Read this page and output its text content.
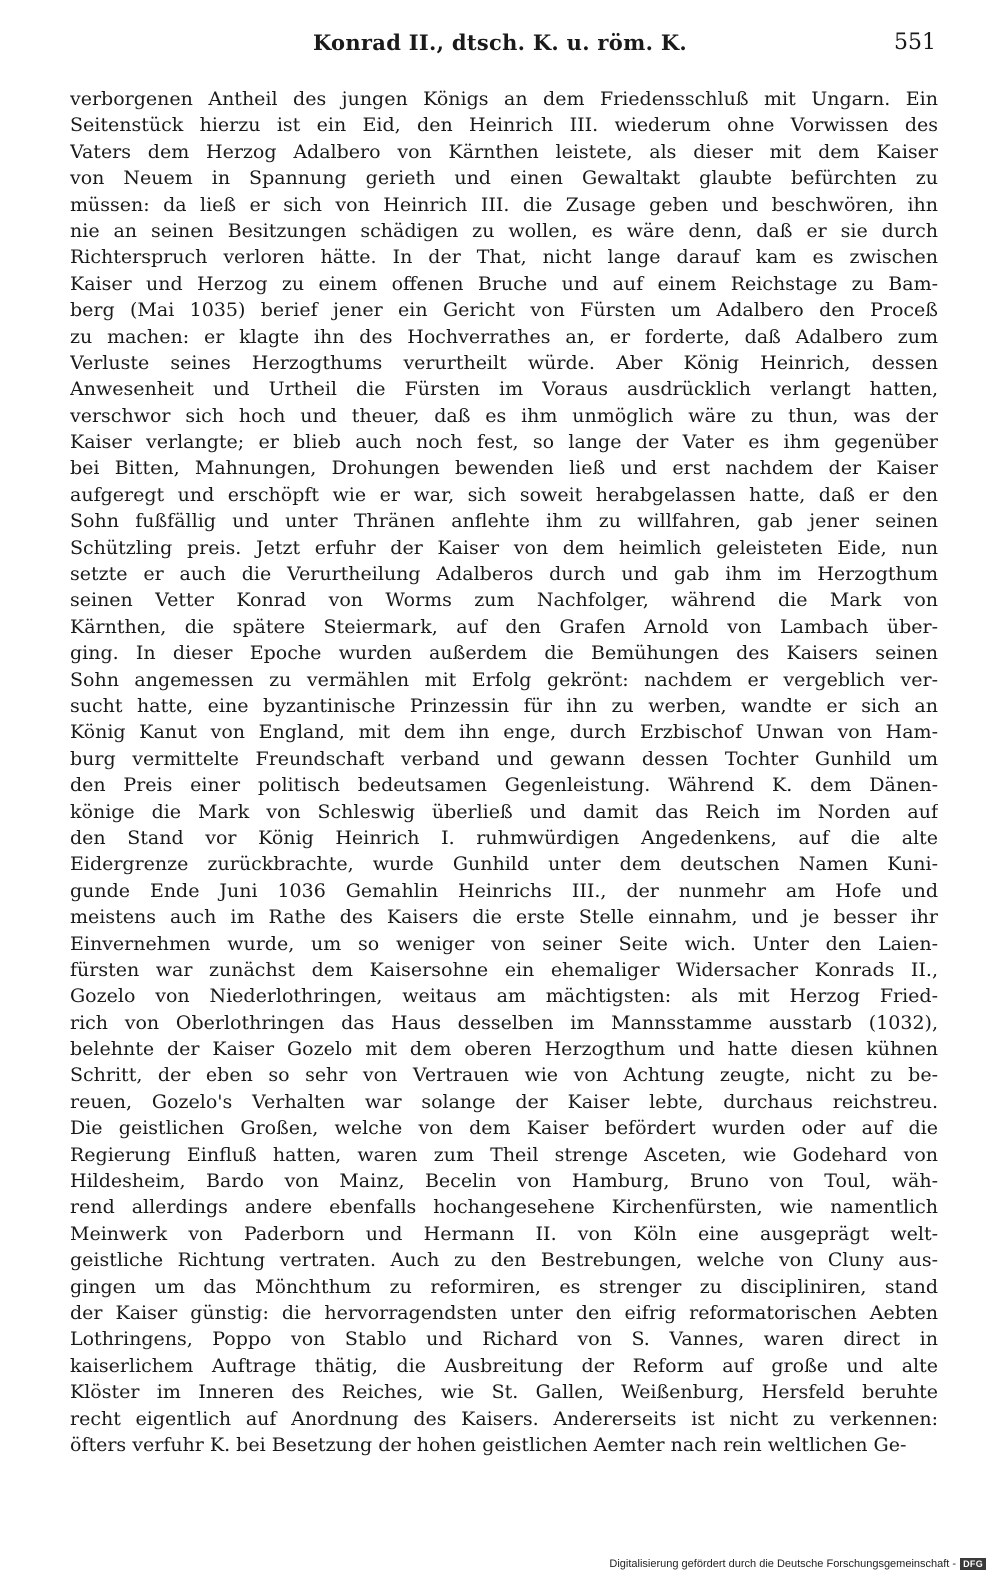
Konrad II., dtsch. K. u. röm. K.	551
verborgenen Antheil des jungen Königs an dem Friedensschluß mit Ungarn. Ein
Seitenstück hierzu ist ein Eid, den Heinrich III. wiederum ohne Vorwissen des
Vaters dem Herzog Adalbero von Kärnthen leistete, als dieser mit dem Kaiser
von Neuem in Spannung gerieth und einen Gewaltakt glaubte befürchten zu
müssen: da ließ er sich von Heinrich III. die Zusage geben und beschwören, ihn
nie an seinen Besitzungen schädigen zu wollen, es wäre denn, daß er sie durch
Richterspruch verloren hätte. In der That, nicht lange darauf kam es zwischen
Kaiser und Herzog zu einem offenen Bruche und auf einem Reichstage zu Bam-
berg (Mai 1035) berief jener ein Gericht von Fürsten um Adalbero den Proceß
zu machen: er klagte ihn des Hochverrathes an, er forderte, daß Adalbero zum
Verluste seines Herzogthums verurtheilt würde. Aber König Heinrich, dessen
Anwesenheit und Urtheil die Fürsten im Voraus ausdrücklich verlangt hatten,
verschwor sich hoch und theuer, daß es ihm unmöglich wäre zu thun, was der
Kaiser verlangte; er blieb auch noch fest, so lange der Vater es ihm gegenüber
bei Bitten, Mahnungen, Drohungen bewenden ließ und erst nachdem der Kaiser
aufgeregt und erschöpft wie er war, sich soweit herabgelassen hatte, daß er den
Sohn fußfällig und unter Thränen anflehte ihm zu willfahren, gab jener seinen
Schützling preis. Jetzt erfuhr der Kaiser von dem heimlich geleisteten Eide, nun
setzte er auch die Verurtheilung Adalberos durch und gab ihm im Herzogthum
seinen Vetter Konrad von Worms zum Nachfolger, während die Mark von
Kärnthen, die spätere Steiermark, auf den Grafen Arnold von Lambach über-
ging. In dieser Epoche wurden außerdem die Bemühungen des Kaisers seinen
Sohn angemessen zu vermählen mit Erfolg gekrönt: nachdem er vergeblich ver-
sucht hatte, eine byzantinische Prinzessin für ihn zu werben, wandte er sich an
König Kanut von England, mit dem ihn enge, durch Erzbischof Unwan von Ham-
burg vermittelte Freundschaft verband und gewann dessen Tochter Gunhild um
den Preis einer politisch bedeutsamen Gegenleistung. Während K. dem Dänen-
könige die Mark von Schleswig überließ und damit das Reich im Norden auf
den Stand vor König Heinrich I. ruhmwürdigen Angedenkens, auf die alte
Eidergrenze zurückbrachte, wurde Gunhild unter dem deutschen Namen Kuni-
gunde Ende Juni 1036 Gemahlin Heinrichs III., der nunmehr am Hofe und
meistens auch im Rathe des Kaisers die erste Stelle einnahm, und je besser ihr
Einvernehmen wurde, um so weniger von seiner Seite wich. Unter den Laien-
fürsten war zunächst dem Kaisersohne ein ehemaliger Widersacher Konrads II.,
Gozelo von Niederlothringen, weitaus am mächtigsten: als mit Herzog Fried-
rich von Oberlothringen das Haus desselben im Mannsstamme ausstarb (1032),
belehnte der Kaiser Gozelo mit dem oberen Herzogthum und hatte diesen kühnen
Schritt, der eben so sehr von Vertrauen wie von Achtung zeugte, nicht zu be-
reuen, Gozelo's Verhalten war solange der Kaiser lebte, durchaus reichstreu.
Die geistlichen Großen, welche von dem Kaiser befördert wurden oder auf die
Regierung Einfluß hatten, waren zum Theil strenge Asceten, wie Godehard von
Hildesheim, Bardo von Mainz, Becelin von Hamburg, Bruno von Toul, wäh-
rend allerdings andere ebenfalls hochangesehene Kirchenfürsten, wie namentlich
Meinwerk von Paderborn und Hermann II. von Köln eine ausgeprägt welt-
geistliche Richtung vertraten. Auch zu den Bestrebungen, welche von Cluny aus-
gingen um das Mönchthum zu reformiren, es strenger zu discipliniren, stand
der Kaiser günstig: die hervorragendsten unter den eifrig reformatorischen Aebten
Lothringens, Poppo von Stablo und Richard von S. Vannes, waren direct in
kaiserlichem Auftrage thätig, die Ausbreitung der Reform auf große und alte
Klöster im Inneren des Reiches, wie St. Gallen, Weißenburg, Hersfeld beruhte
recht eigentlich auf Anordnung des Kaisers. Andererseits ist nicht zu verkennen:
öfters verfuhr K. bei Besetzung der hohen geistlichen Aemter nach rein weltlichen Ge-
Digitalisierung gefördert durch die Deutsche Forschungsgemeinschaft - DFG
